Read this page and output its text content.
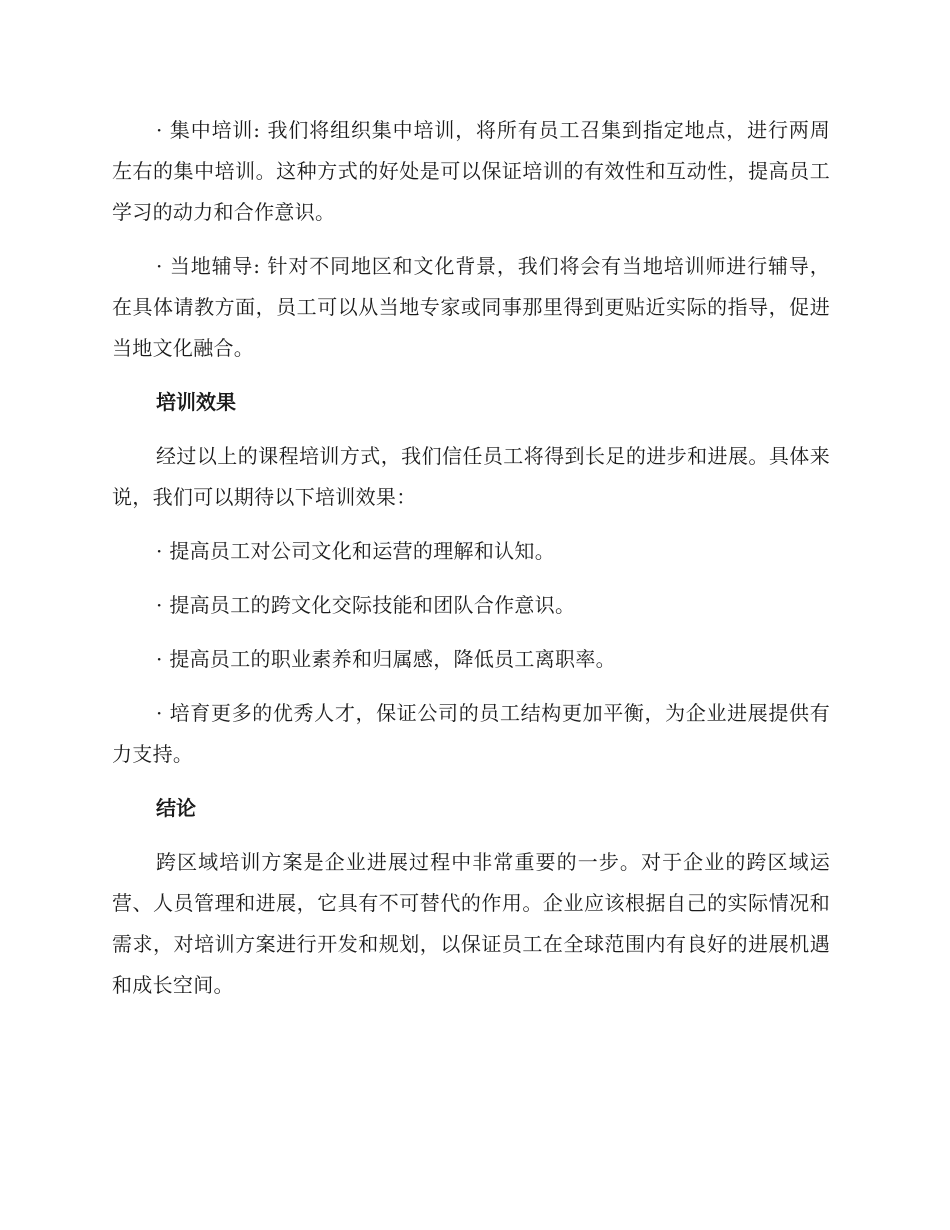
· 集中培训: 我们将组织集中培训，将所有员工召集到指定地点，进行两周左右的集中培训。这种方式的好处是可以保证培训的有效性和互动性，提高员工学习的动力和合作意识。

· 当地辅导: 针对不同地区和文化背景，我们将会有当地培训师进行辅导，在具体请教方面，员工可以从当地专家或同事那里得到更贴近实际的指导，促进当地文化融合。

培训效果

经过以上的课程培训方式，我们信任员工将得到长足的进步和进展。具体来说，我们可以期待以下培训效果：

· 提高员工对公司文化和运营的理解和认知。

· 提高员工的跨文化交际技能和团队合作意识。

· 提高员工的职业素养和归属感，降低员工离职率。

· 培育更多的优秀人才，保证公司的员工结构更加平衡，为企业进展提供有力支持。

结论

跨区域培训方案是企业进展过程中非常重要的一步。对于企业的跨区域运营、人员管理和进展，它具有不可替代的作用。企业应该根据自己的实际情况和需求，对培训方案进行开发和规划，以保证员工在全球范围内有良好的进展机遇和成长空间。
